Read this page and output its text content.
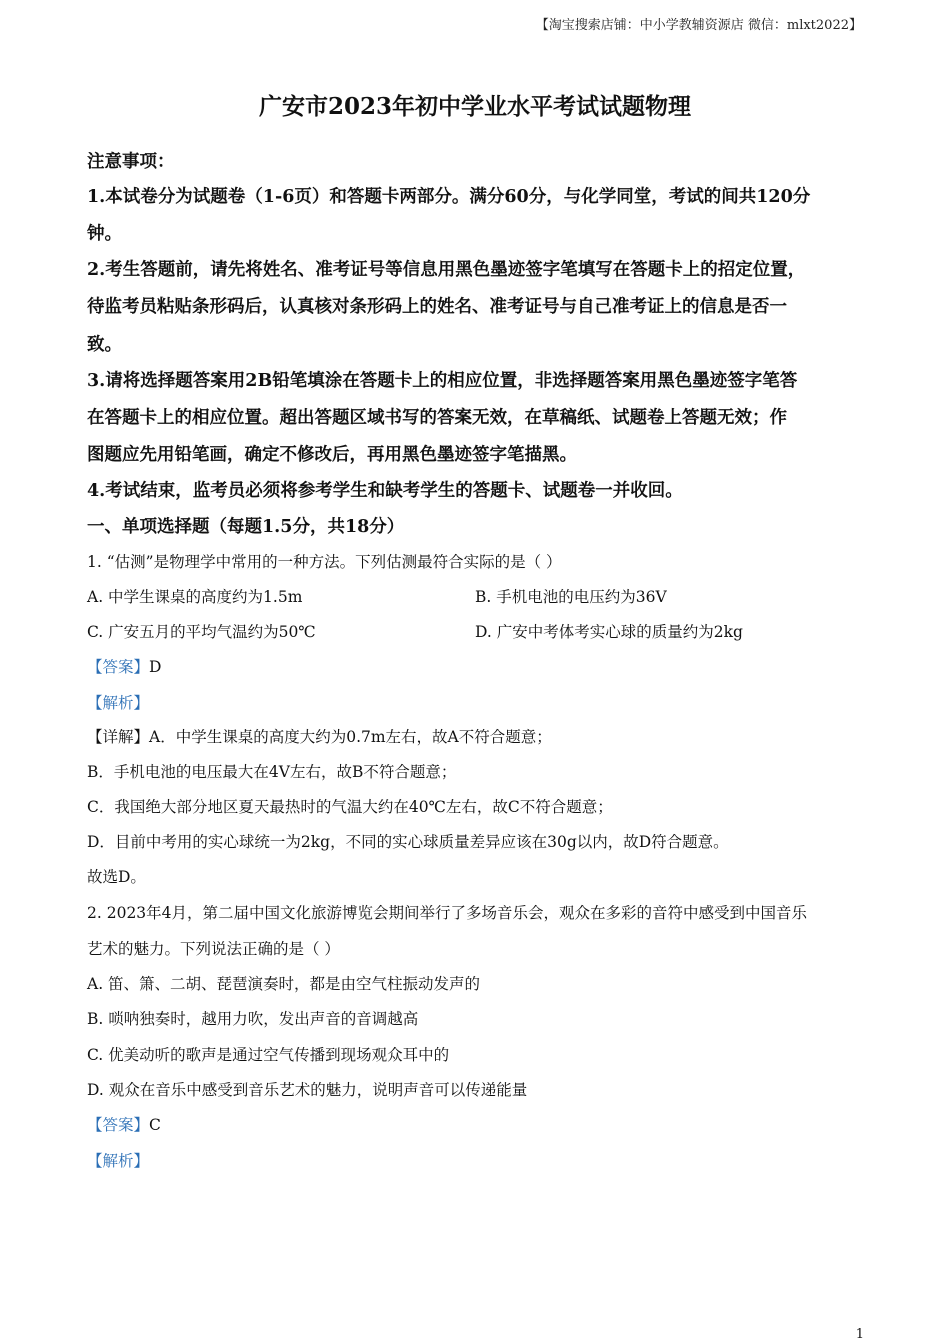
【淘宝搜索店铺：中小学教辅资源店 微信：mlxt2022】
广安市2023年初中学业水平考试试题物理
注意事项：
1.本试卷分为试题卷（1-6页）和答题卡两部分。满分60分，与化学同堂，考试的间共120分
钟。
2.考生答题前，请先将姓名、准考证号等信息用黑色墨迹签字笔填写在答题卡上的招定位置，
待监考员粘贴条形码后，认真核对条形码上的姓名、准考证号与自己准考证上的信息是否一
致。
3.请将选择题答案用2B铅笔填涂在答题卡上的相应位置，非选择题答案用黑色墨迹签字笔答
在答题卡上的相应位置。超出答题区域书写的答案无效，在草稿纸、试题卷上答题无效；作
图题应先用铅笔画，确定不修改后，再用黑色墨迹签字笔描黑。
4.考试结束，监考员必须将参考学生和缺考学生的答题卡、试题卷一并收回。
一、单项选择题（每题1.5分，共18分）
1. “估测”是物理学中常用的一种方法。下列估测最符合实际的是（ ）
A. 中学生课桌的高度约为1.5m	B. 手机电池的电压约为36V
C. 广安五月的平均气温约为50℃	D. 广安中考体考实心球的质量约为2kg
【答案】D
【解析】
【详解】A．中学生课桌的高度大约为0.7m左右，故A不符合题意；
B．手机电池的电压最大在4V左右，故B不符合题意；
C．我国绝大部分地区夏天最热时的气温大约在40℃左右，故C不符合题意；
D．目前中考用的实心球统一为2kg，不同的实心球质量差异应该在30g以内，故D符合题意。
故选D。
2. 2023年4月，第二届中国文化旅游博览会期间举行了多场音乐会，观众在多彩的音符中感受到中国音乐
艺术的魅力。下列说法正确的是（ ）
A. 笛、箫、二胡、琵琶演奏时，都是由空气柱振动发声的
B. 唢呐独奏时，越用力吹，发出声音的音调越高
C. 优美动听的歌声是通过空气传播到现场观众耳中的
D. 观众在音乐中感受到音乐艺术的魅力，说明声音可以传递能量
【答案】C
【解析】
1
